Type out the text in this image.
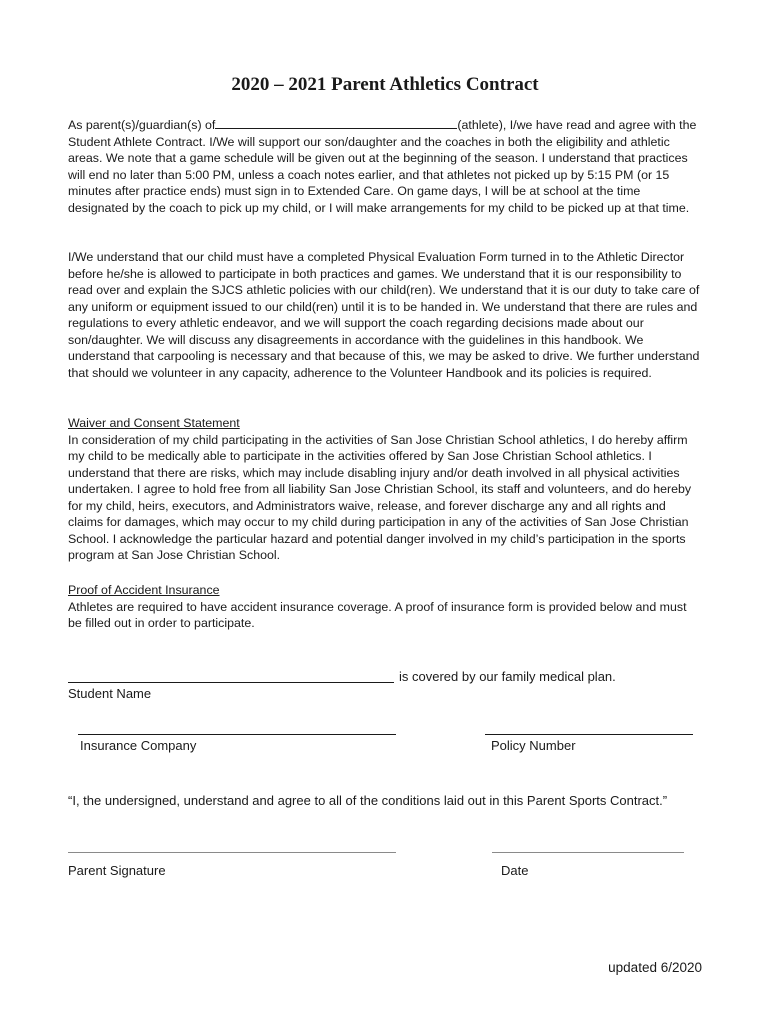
2020 – 2021 Parent Athletics Contract

As parent(s)/guardian(s) of	(athlete), I/we have read and agree with the Student Athlete Contract. I/We will support our son/daughter and the coaches in both the eligibility and athletic areas. We note that a game schedule will be given out at the beginning of the season. I understand that practices will end no later than 5:00 PM, unless a coach notes earlier, and that athletes not picked up by 5:15 PM (or 15 minutes after practice ends) must sign in to Extended Care. On game days, I will be at school at the time designated by the coach to pick up my child, or I will make arrangements for my child to be picked up at that time.

I/We understand that our child must have a completed Physical Evaluation Form turned in to the Athletic Director before he/she is allowed to participate in both practices and games. We understand that it is our responsibility to read over and explain the SJCS athletic policies with our child(ren). We understand that it is our duty to take care of any uniform or equipment issued to our child(ren) until it is to be handed in. We understand that there are rules and regulations to every athletic endeavor, and we will support the coach regarding decisions made about our son/daughter. We will discuss any disagreements in accordance with the guidelines in this handbook. We understand that carpooling is necessary and that because of this, we may be asked to drive. We further understand that should we volunteer in any capacity, adherence to the Volunteer Handbook and its policies is required.

Waiver and Consent Statement

In consideration of my child participating in the activities of San Jose Christian School athletics, I do hereby affirm my child to be medically able to participate in the activities offered by San Jose Christian School athletics. I understand that there are risks, which may include disabling injury and/or death involved in all physical activities undertaken. I agree to hold free from all liability San Jose Christian School, its staff and volunteers, and do hereby for my child, heirs, executors, and Administrators waive, release, and forever discharge any and all rights and claims for damages, which may occur to my child during participation in any of the activities of San Jose Christian School. I acknowledge the particular hazard and potential danger involved in my child’s participation in the sports program at San Jose Christian School.

Proof of Accident Insurance

Athletes are required to have accident insurance coverage. A proof of insurance form is provided below and must be filled out in order to participate.

is covered by our family medical plan.

Student Name

Insurance Company	Policy Number

“I, the undersigned, understand and agree to all of the conditions laid out in this Parent Sports Contract.”

Parent Signature	Date

updated 6/2020
